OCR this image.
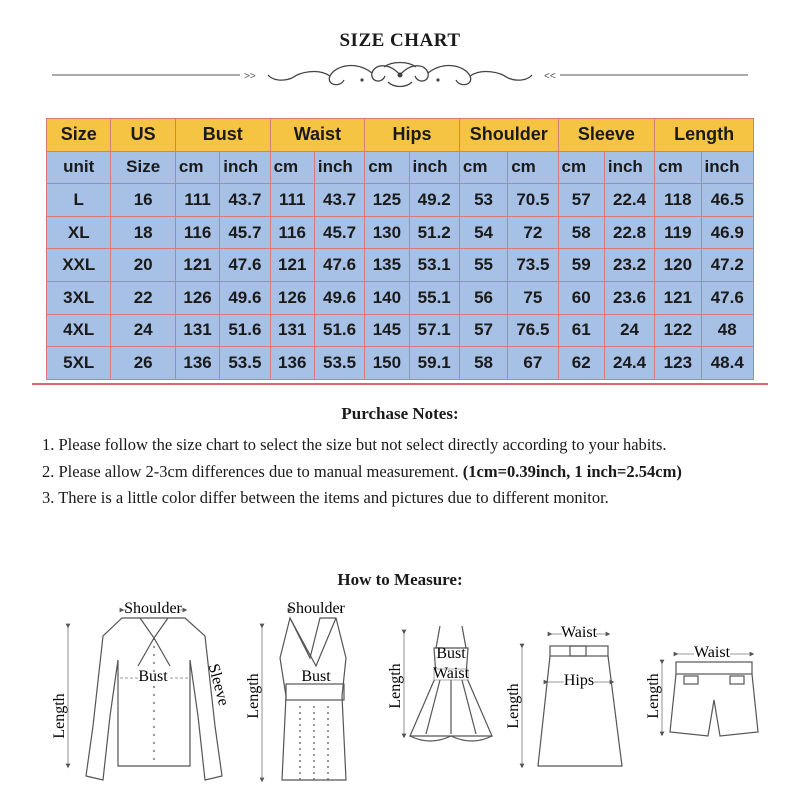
SIZE CHART
>>	<<
Size	US	Bust		Waist		Hips		Shoulder		Sleeve		Length	
unit	Size	cm	inch	cm	inch	cm	inch	cm	cm	cm	inch	cm	inch
L	16	111	43.7	111	43.7	125	49.2	53	70.5	57	22.4	118	46.5
XL	18	116	45.7	116	45.7	130	51.2	54	72	58	22.8	119	46.9
XXL	20	121	47.6	121	47.6	135	53.1	55	73.5	59	23.2	120	47.2
3XL	22	126	49.6	126	49.6	140	55.1	56	75	60	23.6	121	47.6
4XL	24	131	51.6	131	51.6	145	57.1	57	76.5	61	24	122	48
5XL	26	136	53.5	136	53.5	150	59.1	58	67	62	24.4	123	48.4
Purchase Notes:

1. Please follow the size chart to select the size but not select directly according to your habits.

2. Please allow 2-3cm differences due to manual measurement. (1cm=0.39inch, 1 inch=2.54cm)

3. There is a little color differ between the items and pictures due to different monitor.

How to Measure:
Shoulder
Bust
Length
Sleeve
Shoulder
Bust
Length
Bust
Waist
Length
Waist
Hips
Length
Waist
Length
